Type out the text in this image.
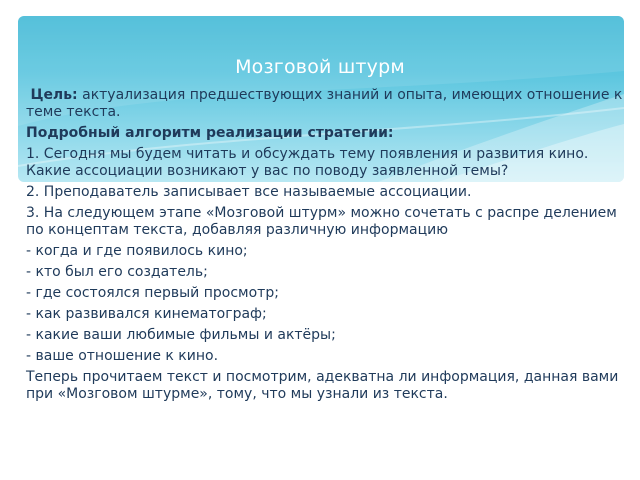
Мозговой штурм

Цель: актуализация предшествующих знаний и опыта, имеющих отношение к теме текста.

Подробный алгоритм реализации стратегии:

1. Сегодня мы будем читать и обсуждать тему появления и развития кино. Какие ассоциации возникают у вас по поводу заявленной темы?

2. Преподаватель записывает все называемые ассоциации.

3. На следующем этапе «Мозговой штурм» можно сочетать с распре делением по концептам текста, добавляя различную информацию

- когда и где появилось кино;

- кто был его создатель;

- где состоялся первый просмотр;

- как развивался кинематограф;

- какие ваши любимые фильмы и актёры;

- ваше отношение к кино.

Теперь прочитаем текст и посмотрим, адекватна ли информация, данная вами при «Мозговом штурме», тому, что мы узнали из текста.
